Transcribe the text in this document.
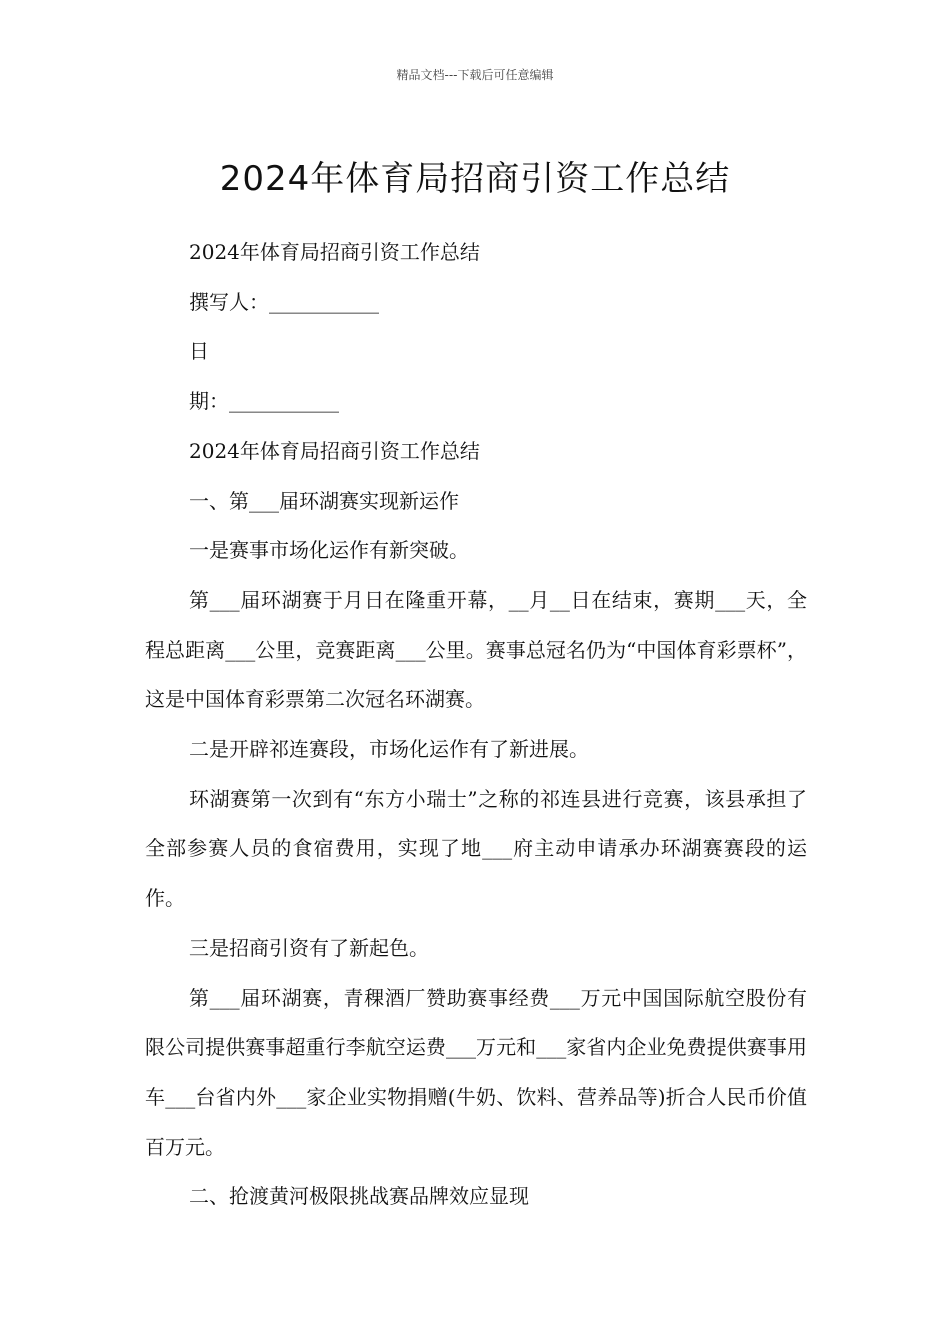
精品文档---下载后可任意编辑
2024年体育局招商引资工作总结

2024年体育局招商引资工作总结

撰写人：___________

日

期：___________

2024年体育局招商引资工作总结

一、第___届环湖赛实现新运作

一是赛事市场化运作有新突破。

第___届环湖赛于月日在隆重开幕，__月__日在结束，赛期___天，全程总距离___公里，竞赛距离___公里。赛事总冠名仍为“中国体育彩票杯”，这是中国体育彩票第二次冠名环湖赛。

二是开辟祁连赛段，市场化运作有了新进展。

环湖赛第一次到有“东方小瑞士”之称的祁连县进行竞赛，该县承担了全部参赛人员的食宿费用，实现了地___府主动申请承办环湖赛赛段的运作。

三是招商引资有了新起色。

第___届环湖赛，青稞酒厂赞助赛事经费___万元中国国际航空股份有限公司提供赛事超重行李航空运费___万元和___家省内企业免费提供赛事用车___台省内外___家企业实物捐赠(牛奶、饮料、营养品等)折合人民币价值百万元。

二、抢渡黄河极限挑战赛品牌效应显现
